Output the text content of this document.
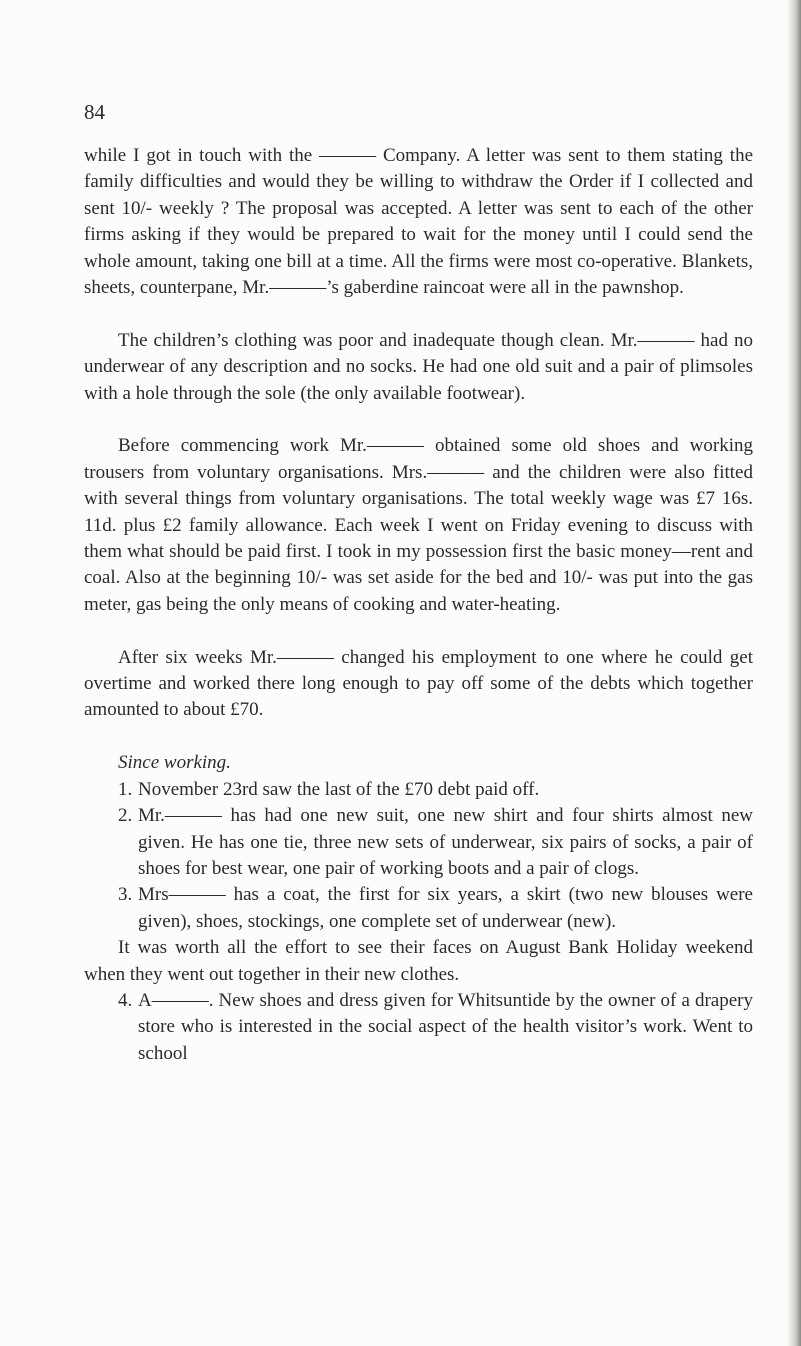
84

while I got in touch with the ——— Company. A letter was sent to them stating the family difficulties and would they be willing to withdraw the Order if I collected and sent 10/- weekly ? The proposal was accepted. A letter was sent to each of the other firms asking if they would be prepared to wait for the money until I could send the whole amount, taking one bill at a time. All the firms were most co-operative. Blankets, sheets, counterpane, Mr.———’s gaberdine raincoat were all in the pawnshop.

The children’s clothing was poor and inadequate though clean. Mr.——— had no underwear of any description and no socks. He had one old suit and a pair of plimsoles with a hole through the sole (the only available footwear).

Before commencing work Mr.——— obtained some old shoes and working trousers from voluntary organisations. Mrs.——— and the children were also fitted with several things from voluntary organisations. The total weekly wage was £7 16s. 11d. plus £2 family allowance. Each week I went on Friday evening to discuss with them what should be paid first. I took in my possession first the basic money—rent and coal. Also at the beginning 10/- was set aside for the bed and 10/- was put into the gas meter, gas being the only means of cooking and water-heating.

After six weeks Mr.——— changed his employment to one where he could get overtime and worked there long enough to pay off some of the debts which together amounted to about £70.

Since working.

1. November 23rd saw the last of the £70 debt paid off.
2. Mr.——— has had one new suit, one new shirt and four shirts almost new given. He has one tie, three new sets of underwear, six pairs of socks, a pair of shoes for best wear, one pair of working boots and a pair of clogs.
3. Mrs——— has a coat, the first for six years, a skirt (two new blouses were given), shoes, stockings, one complete set of underwear (new).

It was worth all the effort to see their faces on August Bank Holiday weekend when they went out together in their new clothes.

4. A———. New shoes and dress given for Whitsuntide by the owner of a drapery store who is interested in the social aspect of the health visitor’s work. Went to school
